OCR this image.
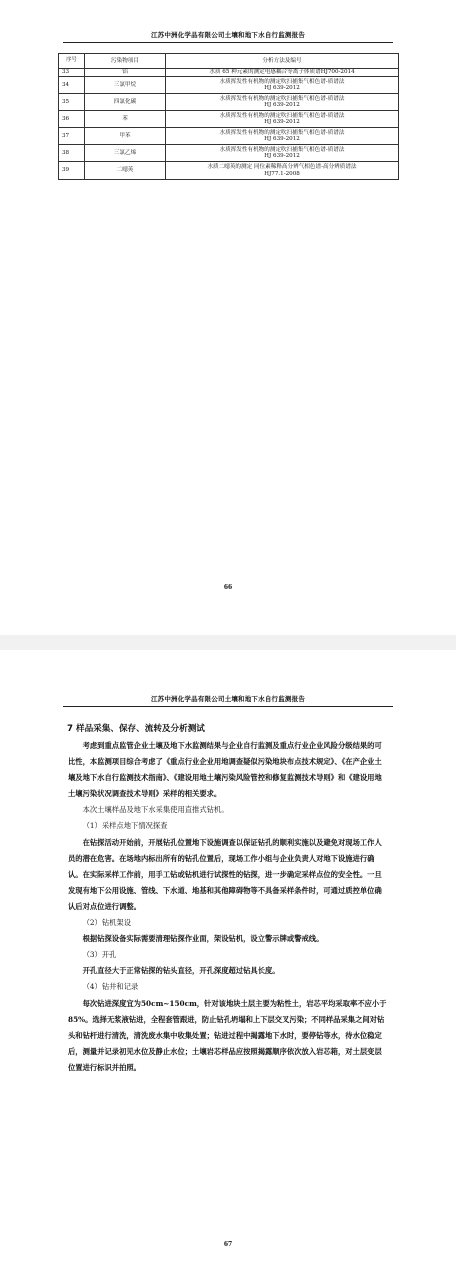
江苏中洲化学品有限公司土壤和地下水自行监测报告
序号	污染物项目	分析方法及编号
33	铝	水质 65 种元素的测定电感耦合等离子体质谱HJ700-2014
34	三氯甲烷	水质挥发性有机物的测定吹扫捕集气相色谱-质谱法
HJ 639-2012
35	四氯化碳	水质挥发性有机物的测定吹扫捕集气相色谱-质谱法
HJ 639-2012
36	苯	水质挥发性有机物的测定吹扫捕集气相色谱-质谱法
HJ 639-2012
37	甲苯	水质挥发性有机物的测定吹扫捕集气相色谱-质谱法
HJ 639-2012
38	三氯乙烯	水质挥发性有机物的测定吹扫捕集气相色谱-质谱法
HJ 639-2012
39	二噁英	水质二噁英的测定 同位素稀释高分辨气相色谱-高分辨质谱法
HJ77.1-2008
66
江苏中洲化学品有限公司土壤和地下水自行监测报告
67
7 样品采集、保存、流转及分析测试

考虑到重点监管企业土壤及地下水监测结果与企业自行监测及重点行业企业风险分级结果的可比性，本监测项目综合考虑了《重点行业企业用地调查疑似污染地块布点技术规定》、《在产企业土壤及地下水自行监测技术指南》、《建设用地土壤污染风险管控和修复监测技术导则》和《建设用地土壤污染状况调查技术导则》采样的相关要求。

本次土壤样品及地下水采集使用直推式钻机。

（1）采样点地下情况探查

在钻探活动开始前，开展钻孔位置地下设施调查以保证钻孔的顺利实施以及避免对现场工作人员的潜在危害。在场地内标出所有的钻孔位置后，现场工作小组与企业负责人对地下设施进行确认。在实际采样工作前，用手工钻或钻机进行试探性的钻探，进一步确定采样点位的安全性。一旦发现有地下公用设施、管线、下水道、地基和其他障碍物等不具备采样条件时，可通过质控单位确认后对点位进行调整。

（2）钻机架设

根据钻探设备实际需要清理钻探作业面，架设钻机，设立警示牌或警戒线。

（3）开孔

开孔直径大于正常钻探的钻头直径，开孔深度超过钻具长度。

（4）钻井和记录

每次钻进深度宜为50cm~150cm，针对该地块土层主要为粘性土，岩芯平均采取率不应小于85%。选择无浆液钻进，全程套管跟进，防止钻孔坍塌和上下层交叉污染；不同样品采集之间对钻头和钻杆进行清洗，清洗废水集中收集处置；钻进过程中揭露地下水时，要停钻等水，待水位稳定后，测量并记录初见水位及静止水位；土壤岩芯样品应按照揭露顺序依次放入岩芯箱，对土层变层位置进行标识并拍照。
